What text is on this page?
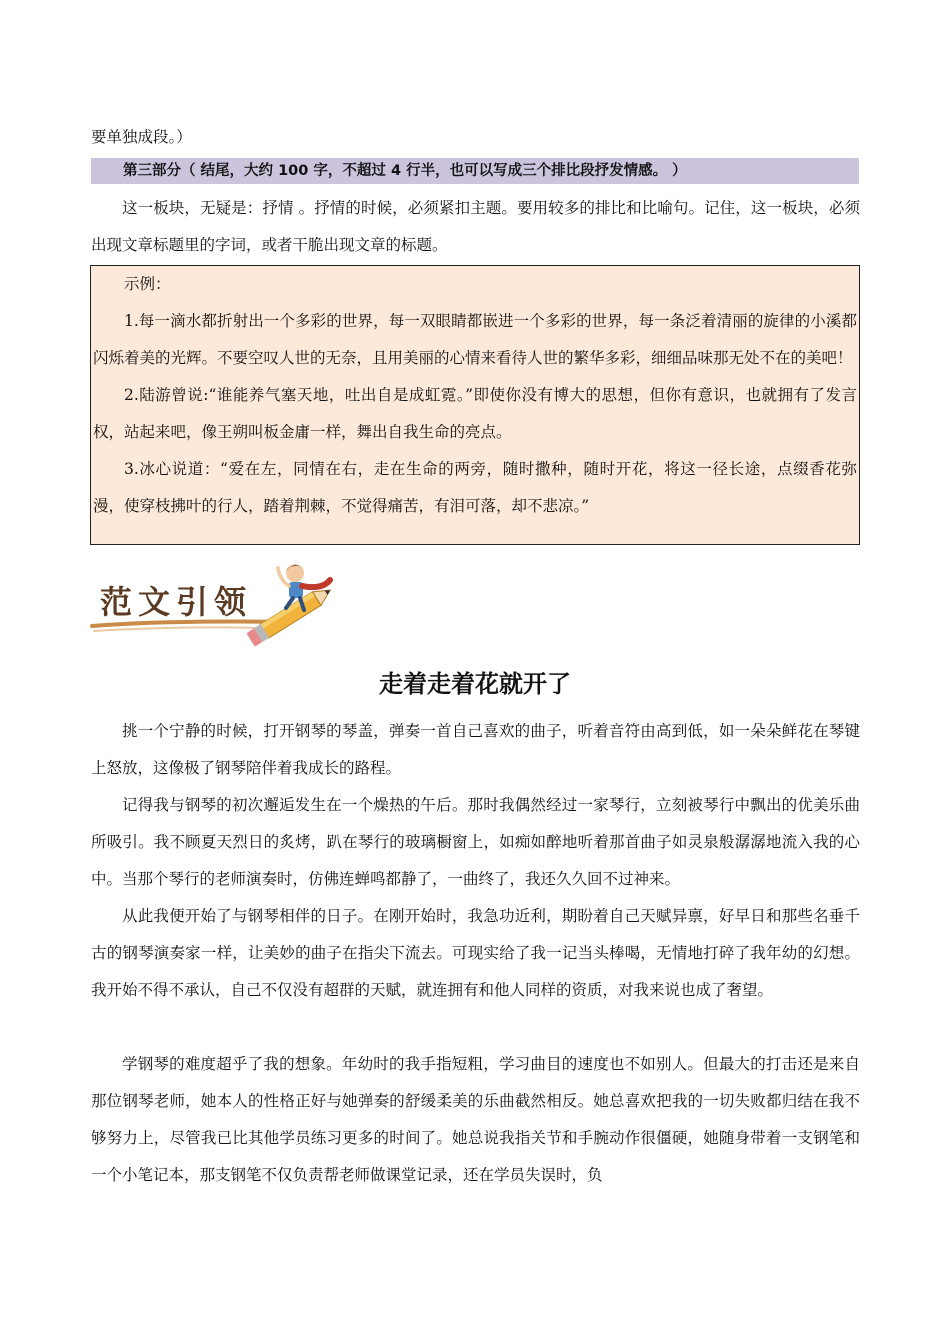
要单独成段。）

第三部分（ 结尾，大约 100 字，不超过 4 行半，也可以写成三个排比段抒发情感。 ）

这一板块，无疑是：抒情 。抒情的时候，必须紧扣主题。要用较多的排比和比喻句。记住，这一板块，必须出现文章标题里的字词，或者干脆出现文章的标题。

示例：

1.每一滴水都折射出一个多彩的世界，每一双眼睛都嵌进一个多彩的世界，每一条泛着清丽的旋律的小溪都闪烁着美的光辉。不要空叹人世的无奈，且用美丽的心情来看待人世的繁华多彩，细细品味那无处不在的美吧！

2.陆游曾说:“谁能养气塞天地，吐出自是成虹霓。”即使你没有博大的思想，但你有意识，也就拥有了发言权，站起来吧，像王朔叫板金庸一样，舞出自我生命的亮点。

3.冰心说道：“爱在左，同情在右，走在生命的两旁，随时撒种，随时开花，将这一径长途，点缀香花弥漫，使穿枝拂叶的行人，踏着荆棘，不觉得痛苦，有泪可落，却不悲凉。”

范文引领
走着走着花就开了

挑一个宁静的时候，打开钢琴的琴盖，弹奏一首自己喜欢的曲子，听着音符由高到低，如一朵朵鲜花在琴键上怒放，这像极了钢琴陪伴着我成长的路程。

记得我与钢琴的初次邂逅发生在一个燥热的午后。那时我偶然经过一家琴行，立刻被琴行中飘出的优美乐曲所吸引。我不顾夏天烈日的炙烤，趴在琴行的玻璃橱窗上，如痴如醉地听着那首曲子如灵泉般潺潺地流入我的心中。当那个琴行的老师演奏时，仿佛连蝉鸣都静了，一曲终了，我还久久回不过神来。

从此我便开始了与钢琴相伴的日子。在刚开始时，我急功近利，期盼着自己天赋异禀，好早日和那些名垂千古的钢琴演奏家一样，让美妙的曲子在指尖下流去。可现实给了我一记当头棒喝，无情地打碎了我年幼的幻想。我开始不得不承认，自己不仅没有超群的天赋，就连拥有和他人同样的资质，对我来说也成了奢望。

学钢琴的难度超乎了我的想象。年幼时的我手指短粗，学习曲目的速度也不如别人。但最大的打击还是来自那位钢琴老师，她本人的性格正好与她弹奏的舒缓柔美的乐曲截然相反。她总喜欢把我的一切失败都归结在我不够努力上，尽管我已比其他学员练习更多的时间了。她总说我指关节和手腕动作很僵硬，她随身带着一支钢笔和一个小笔记本，那支钢笔不仅负责帮老师做课堂记录，还在学员失误时，负
